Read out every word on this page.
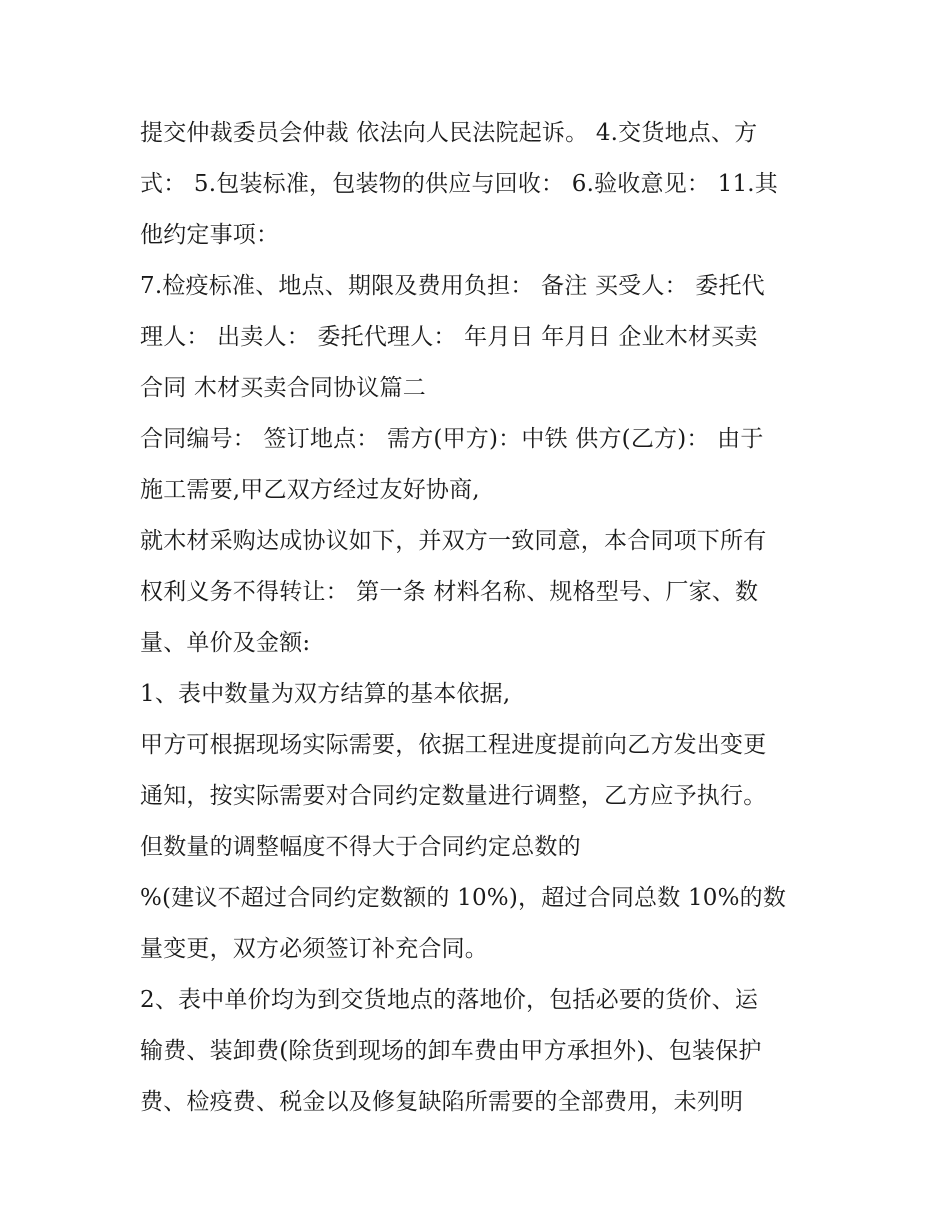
提交仲裁委员会仲裁 依法向人民法院起诉。 4.交货地点、方
式： 5.包装标准，包装物的供应与回收： 6.验收意见： 11.其
他约定事项：
7.检疫标准、地点、期限及费用负担： 备注 买受人： 委托代
理人： 出卖人： 委托代理人： 年月日 年月日 企业木材买卖
合同 木材买卖合同协议篇二
合同编号： 签订地点： 需方(甲方)：中铁 供方(乙方)： 由于
施工需要,甲乙双方经过友好协商,
就木材采购达成协议如下，并双方一致同意，本合同项下所有
权利义务不得转让： 第一条 材料名称、规格型号、厂家、数
量、单价及金额:
1、表中数量为双方结算的基本依据,
甲方可根据现场实际需要，依据工程进度提前向乙方发出变更
通知，按实际需要对合同约定数量进行调整，乙方应予执行。
但数量的调整幅度不得大于合同约定总数的
%(建议不超过合同约定数额的 10%)，超过合同总数 10%的数
量变更，双方必须签订补充合同。
2、表中单价均为到交货地点的落地价，包括必要的货价、运
输费、装卸费(除货到现场的卸车费由甲方承担外)、包装保护
费、检疫费、税金以及修复缺陷所需要的全部费用，未列明
